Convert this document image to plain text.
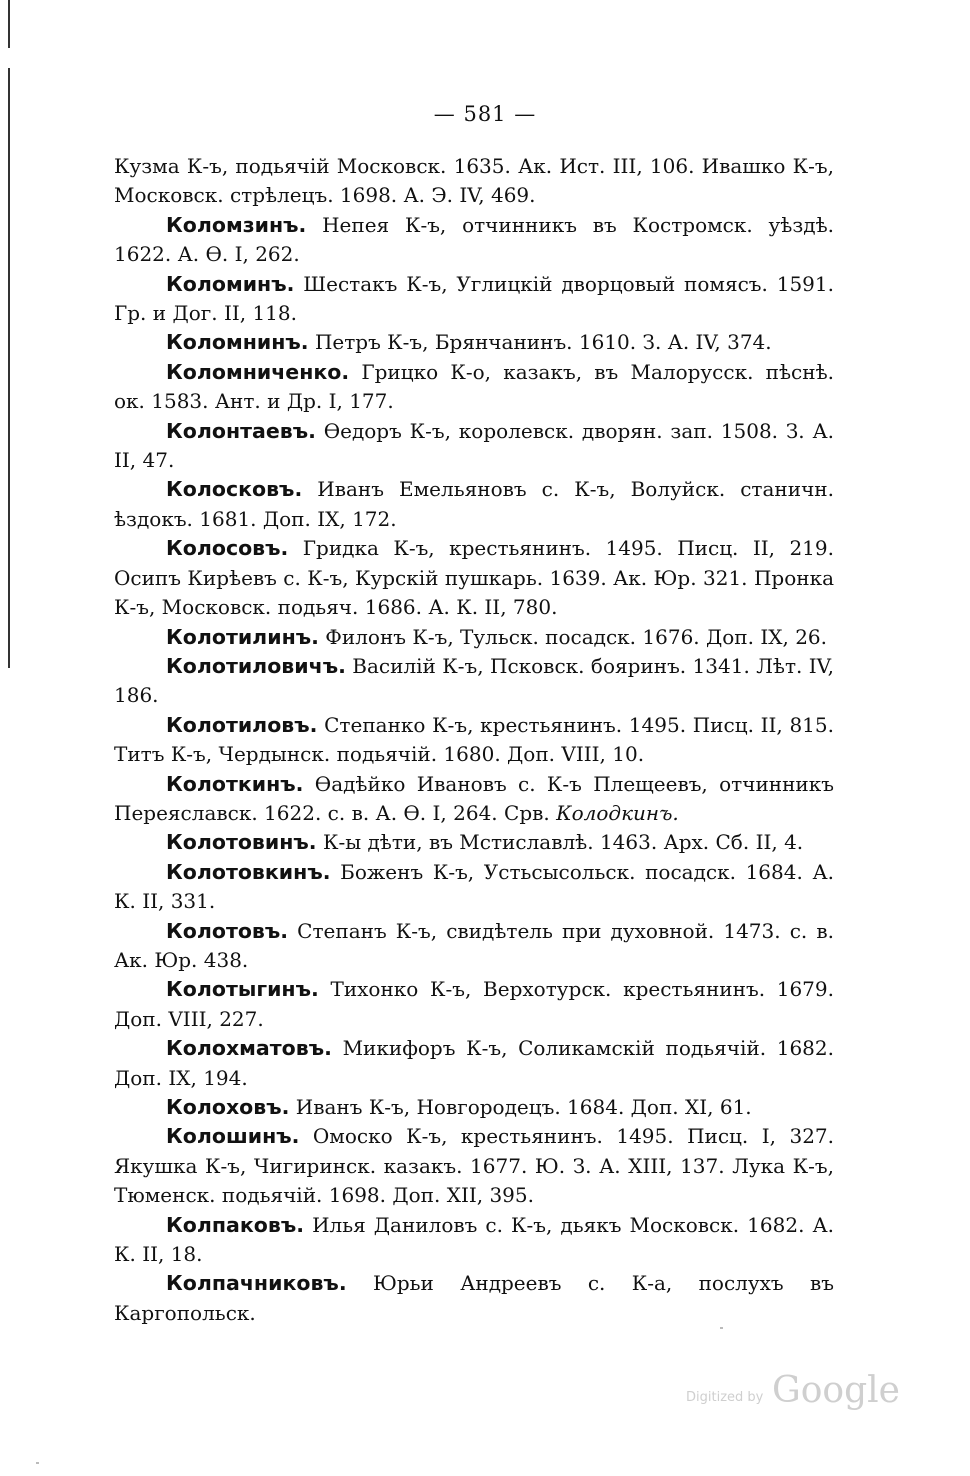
— 581 —

Кузма К-ъ, подьячій Московск. 1635. Ак. Ист. III, 106. Ивашко К-ъ, Московск. стрѣлецъ. 1698. А. Э. IV, 469.

Коломзинъ. Непея К-ъ, отчинникъ въ Костромск. уѣздѣ. 1622. А. Ѳ. I, 262.

Коломинъ. Шестакъ К-ъ, Углицкій дворцовый помясъ. 1591. Гр. и Дог. II, 118.

Коломнинъ. Петръ К-ъ, Брянчанинъ. 1610. З. А. IV, 374.

Коломниченко. Грицко К-о, казакъ, въ Малорусск. пѣснѣ. ок. 1583. Ант. и Др. I, 177.

Колонтаевъ. Ѳедоръ К-ъ, королевск. дворян. зап. 1508. З. А. II, 47.

Колосковъ. Иванъ Емельяновъ с. К-ъ, Волуйск. станичн. ѣздокъ. 1681. Доп. IX, 172.

Колосовъ. Гридка К-ъ, крестьянинъ. 1495. Писц. II, 219. Осипъ Кирѣевъ с. К-ъ, Курскій пушкарь. 1639. Ак. Юр. 321. Пронка К-ъ, Московск. подьяч. 1686. А. К. II, 780.

Колотилинъ. Филонъ К-ъ, Тульск. посадск. 1676. Доп. IX, 26.

Колотиловичъ. Василій К-ъ, Псковск. бояринъ. 1341. Лѣт. IV, 186.

Колотиловъ. Степанко К-ъ, крестьянинъ. 1495. Писц. II, 815. Титъ К-ъ, Чердынск. подьячій. 1680. Доп. VIII, 10.

Колоткинъ. Ѳадѣйко Ивановъ с. К-ъ Плещеевъ, отчинникъ Переяславск. 1622. с. в. А. Ѳ. I, 264. Срв. Колодкинъ.

Колотовинъ. К-ы дѣти, въ Мстиславлѣ. 1463. Арх. Сб. II, 4.

Колотовкинъ. Боженъ К-ъ, Устьсысольск. посадск. 1684. А. К. II, 331.

Колотовъ. Степанъ К-ъ, свидѣтель при духовной. 1473. с. в. Ак. Юр. 438.

Колотыгинъ. Тихонко К-ъ, Верхотурск. крестьянинъ. 1679. Доп. VIII, 227.

Колохматовъ. Микифоръ К-ъ, Соликамскій подьячій. 1682. Доп. IX, 194.

Колоховъ. Иванъ К-ъ, Новгородецъ. 1684. Доп. XI, 61.

Колошинъ. Омоско К-ъ, крестьянинъ. 1495. Писц. I, 327. Якушка К-ъ, Чигиринск. казакъ. 1677. Ю. З. А. XIII, 137. Лука К-ъ, Тюменск. подьячій. 1698. Доп. XII, 395.

Колпаковъ. Илья Даниловъ с. К-ъ, дьякъ Московск. 1682. А. К. II, 18.

Колпачниковъ. Юрьи Андреевъ с. К-а, послухъ въ Каргопольск.

Digitized by Google
